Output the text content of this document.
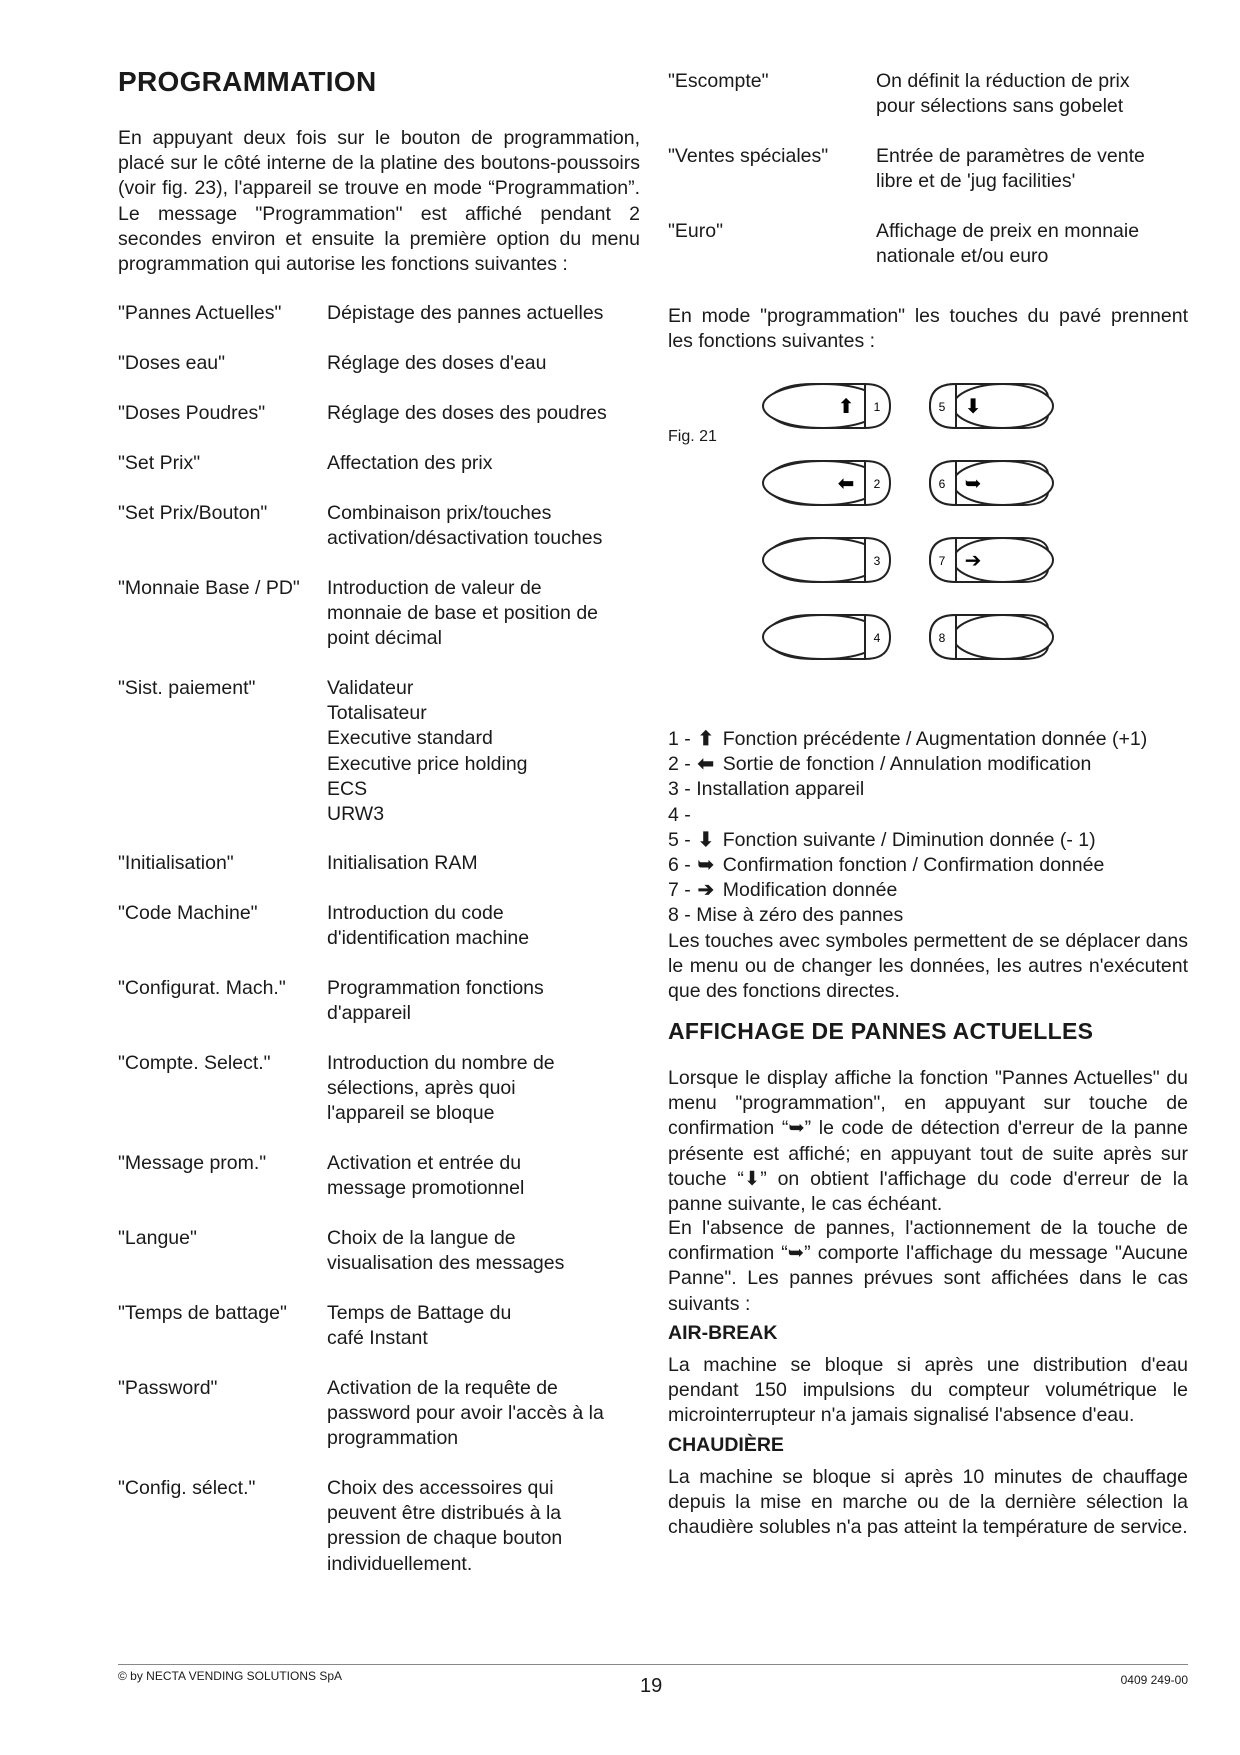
PROGRAMMATION

En appuyant deux fois sur le bouton de programmation, placé sur le côté interne de la platine des boutons-poussoirs (voir fig. 23), l'appareil se trouve en mode “Programmation”. Le message "Programmation" est affiché pendant 2 secondes environ et ensuite la première option du menu programmation qui autorise les fonctions suivantes :

"Pannes Actuelles" Dépistage des pannes actuelles
"Doses eau"	Réglage des doses d'eau
"Doses Poudres"	Réglage des doses des poudres
"Set Prix"	Affectation des prix
"Set Prix/Bouton"	Combinaison prix/touches
activation/désactivation touches
"Monnaie Base / PD" Introduction de valeur de
monnaie de base et position de
point décimal
"Sist. paiement"	Validateur
Totalisateur
Executive standard
Executive price holding
ECS
URW3
"Initialisation"	Initialisation RAM
"Code Machine"	Introduction du code
d'identification machine
"Configurat. Mach." Programmation fonctions
d'appareil
"Compte. Select."	Introduction du nombre de
sélections, après quoi
l'appareil se bloque
"Message prom."	Activation et entrée du
message promotionnel
"Langue"	Choix de la langue de
visualisation des messages
"Temps de battage" Temps de Battage du
café Instant
"Password"	Activation de la requête de
password pour avoir l'accès à la
programmation
"Config. sélect."	Choix des accessoires qui
peuvent être distribués à la
pression de chaque bouton
individuellement.
"Escompte"	On définit la réduction de prix
pour sélections sans gobelet
"Ventes spéciales" Entrée de paramètres de vente
libre et de 'jug facilities'
"Euro"	Affichage de preix en monnaie
nationale et/ou euro

En mode "programmation" les touches du pavé prennent les fonctions suivantes :

Fig. 21
1
⬆
2
⬅
3
4
5 ⬇
6 ➥
7 ➔
8
1 - ⬆ Fonction précédente / Augmentation donnée (+1)
2 - ⬅ Sortie de fonction / Annulation modification
3 - Installation appareil
4 -
5 - ⬇ Fonction suivante / Diminution donnée (- 1)
6 - ➥ Confirmation fonction / Confirmation donnée
7 - ➔ Modification donnée
8 - Mise à zéro des pannes

Les touches avec symboles permettent de se déplacer dans le menu ou de changer les données, les autres n'exécutent que des fonctions directes.

AFFICHAGE DE PANNES ACTUELLES

Lorsque le display affiche la fonction "Pannes Actuelles" du menu "programmation", en appuyant sur touche de confirmation “➥” le code de détection d'erreur de la panne présente est affiché; en appuyant tout de suite après sur touche “⬇” on obtient l'affichage du code d'erreur de la panne suivante, le cas échéant.

En l'absence de pannes, l'actionnement de la touche de confirmation “➥” comporte l'affichage du message "Aucune Panne". Les pannes prévues sont affichées dans le cas suivants :

AIR-BREAK

La machine se bloque si après une distribution d'eau pendant 150 impulsions du compteur volumétrique le microinterrupteur n'a jamais signalisé l'absence d'eau.

CHAUDIÈRE

La machine se bloque si après 10 minutes de chauffage depuis la mise en marche ou de la dernière sélection la chaudière solubles n'a pas atteint la température de service.

© by NECTA VENDING SOLUTIONS SpA	19	0409 249-00
